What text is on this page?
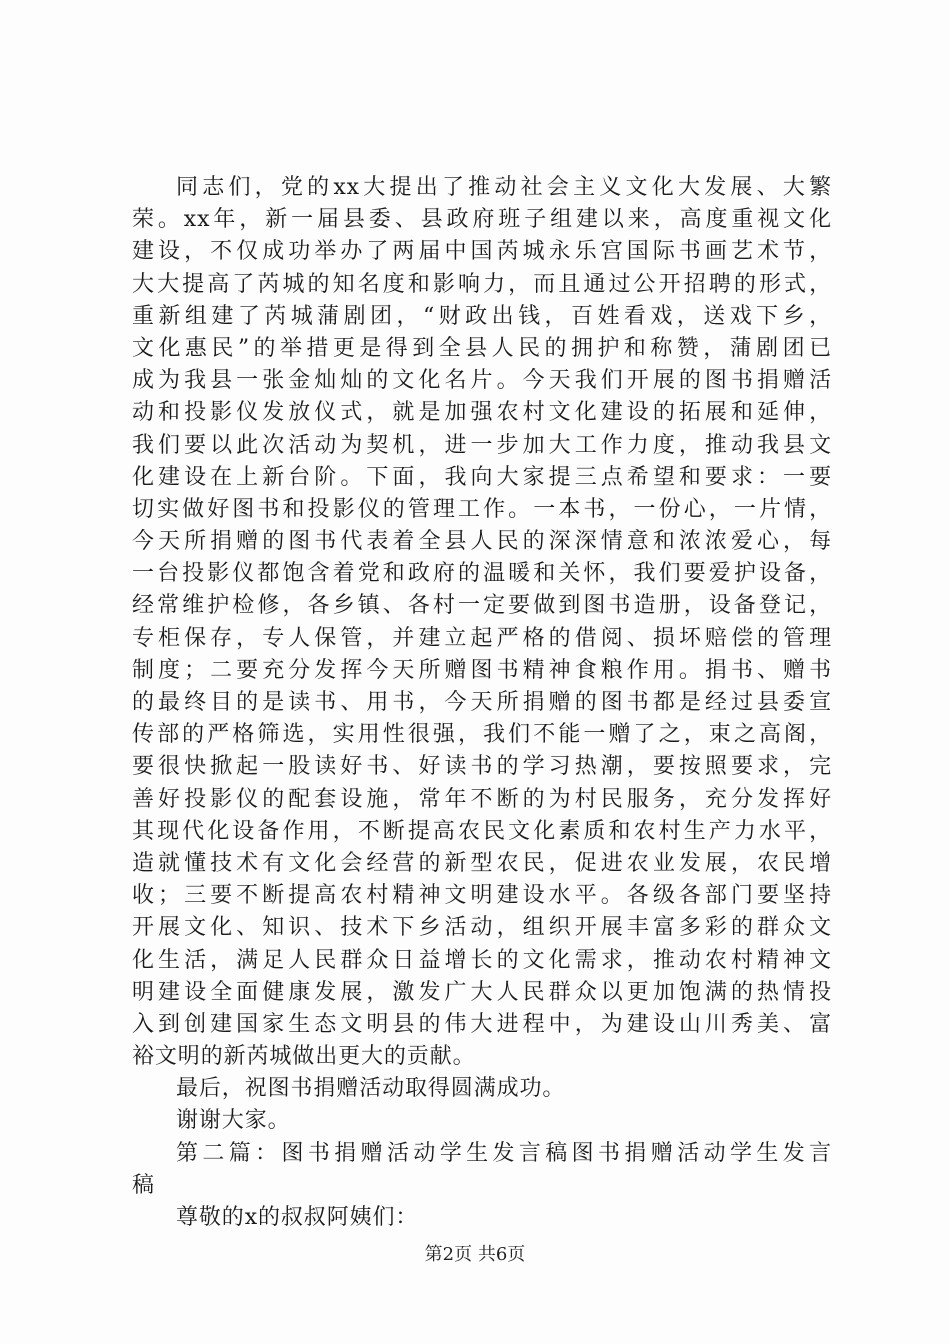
同志们，党的xx大提出了推动社会主义文化大发展、大繁
荣。xx年，新一届县委、县政府班子组建以来，高度重视文化
建设，不仅成功举办了两届中国芮城永乐宫国际书画艺术节，
大大提高了芮城的知名度和影响力，而且通过公开招聘的形式，
重新组建了芮城蒲剧团，“财政出钱，百姓看戏，送戏下乡，
文化惠民”的举措更是得到全县人民的拥护和称赞，蒲剧团已
成为我县一张金灿灿的文化名片。今天我们开展的图书捐赠活
动和投影仪发放仪式，就是加强农村文化建设的拓展和延伸，
我们要以此次活动为契机，进一步加大工作力度，推动我县文
化建设在上新台阶。下面，我向大家提三点希望和要求：一要
切实做好图书和投影仪的管理工作。一本书，一份心，一片情，
今天所捐赠的图书代表着全县人民的深深情意和浓浓爱心，每
一台投影仪都饱含着党和政府的温暖和关怀，我们要爱护设备，
经常维护检修，各乡镇、各村一定要做到图书造册，设备登记，
专柜保存，专人保管，并建立起严格的借阅、损坏赔偿的管理
制度；二要充分发挥今天所赠图书精神食粮作用。捐书、赠书
的最终目的是读书、用书，今天所捐赠的图书都是经过县委宣
传部的严格筛选，实用性很强，我们不能一赠了之，束之高阁，
要很快掀起一股读好书、好读书的学习热潮，要按照要求，完
善好投影仪的配套设施，常年不断的为村民服务，充分发挥好
其现代化设备作用，不断提高农民文化素质和农村生产力水平，
造就懂技术有文化会经营的新型农民，促进农业发展，农民增
收；三要不断提高农村精神文明建设水平。各级各部门要坚持
开展文化、知识、技术下乡活动，组织开展丰富多彩的群众文
化生活，满足人民群众日益增长的文化需求，推动农村精神文
明建设全面健康发展，激发广大人民群众以更加饱满的热情投
入到创建国家生态文明县的伟大进程中，为建设山川秀美、富
裕文明的新芮城做出更大的贡献。
最后，祝图书捐赠活动取得圆满成功。
谢谢大家。
第二篇：图书捐赠活动学生发言稿图书捐赠活动学生发言
稿
尊敬的x的叔叔阿姨们：
第2页 共6页
